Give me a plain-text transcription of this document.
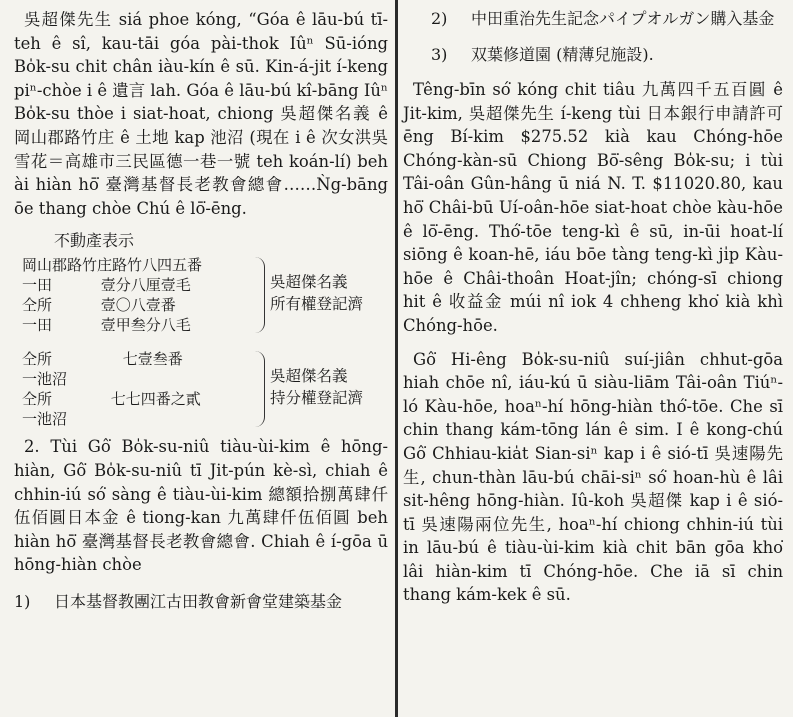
吳超傑先生 siá phoe kóng, “Góa ê lāu-bú tī-teh ê sî, kau-tāi góa pài-thok Iûⁿ Sū-ióng Bo̍k-su chit chân iàu-kín ê sū. Kin-á-jit í-keng piⁿ-chòe i ê 遺言 lah. Góa ê lāu-bú kî-bāng Iûⁿ Bo̍k-su thòe i siat-hoat, chiong 吳超傑名義 ê 岡山郡路竹庄 ê 土地 kap 池沼 (現在 i ê 次女洪吳雪花＝高雄市三民區德一巷一號 teh koán-lí) beh ài hiàn hō͘ 臺灣基督長老教會總會……Ǹg-bāng ōe thang chòe Chú ê lō͘-ēng.

不動產表示
岡山郡路竹庄路竹八四五番
一田	壹分八厘壹毛
仝所	壹〇八壹番
一田	壹甲叁分八毛
吳超傑名義
所有權登記濟
仝所	七壹叁番
一池沼
仝所	七七四番之貳
一池沼
吳超傑名義
持分權登記濟

2. Tùi Gô͘ Bo̍k-su-niû tiàu-ùi-kim ê hōng-hiàn, Gô͘ Bo̍k-su-niû tī Jit-pún kè-sì, chiah ê chhin-iú só͘ sàng ê tiàu-ùi-kim 總額拾捌萬肆仟伍佰圓日本金 ê tiong-kan 九萬肆仟伍佰圓 beh hiàn hō͘ 臺灣基督長老教會總會. Chiah ê í-gōa ū hōng-hiàn chòe

1) 日本基督教團江古田教會新會堂建築基金
2) 中田重治先生記念パイプオルガン購入基金
3) 双葉修道園 (精薄兒施設).

Têng-bīn só͘ kóng chit tiâu 九萬四千五百圓 ê Jit-kim, 吳超傑先生 í-keng tùi 日本銀行申請許可 ēng Bí-kim $275.52 kià kau Chóng-hōe Chóng-kàn-sū Chiong Bō͘-sêng Bo̍k-su; i tùi Tâi-oân Gûn-hâng ū niá N. T. $11020.80, kau hō͘ Châi-bū Uí-oân-hōe siat-hoat chòe kàu-hōe ê lō͘-ēng. Thó͘-tōe teng-kì ê sū, in-ūi hoat-lí siōng ê koan-hē, iáu bōe tàng teng-kì ji̍p Kàu-hōe ê Châi-thoân Hoat-jîn; chóng-sī chiong hit ê 收益金 múi nî iok 4 chheng kho͘ kià khì Chóng-hōe.

Gô͘ Hi-êng Bo̍k-su-niû suí-jiân chhut-gōa hiah chōe nî, iáu-kú ū siàu-liām Tâi-oân Tiúⁿ-ló Kàu-hōe, hoaⁿ-hí hōng-hiàn thó͘-tōe. Che sī chin thang kám-tōng lán ê sim. I ê kong-chú Gô͘ Chhiau-kia̍t Sian-siⁿ kap i ê sió-tī 吳速陽先生, chun-thàn lāu-bú chāi-siⁿ só͘ hoan-hù ê lâi sit-hêng hōng-hiàn. Iû-koh 吳超傑 kap i ê sió-tī 吳速陽兩位先生, hoaⁿ-hí chiong chhin-iú tùi in lāu-bú ê tiàu-ùi-kim kià chit bān gōa kho͘ lâi hiàn-kim tī Chóng-hōe. Che iā sī chin thang kám-kek ê sū.
